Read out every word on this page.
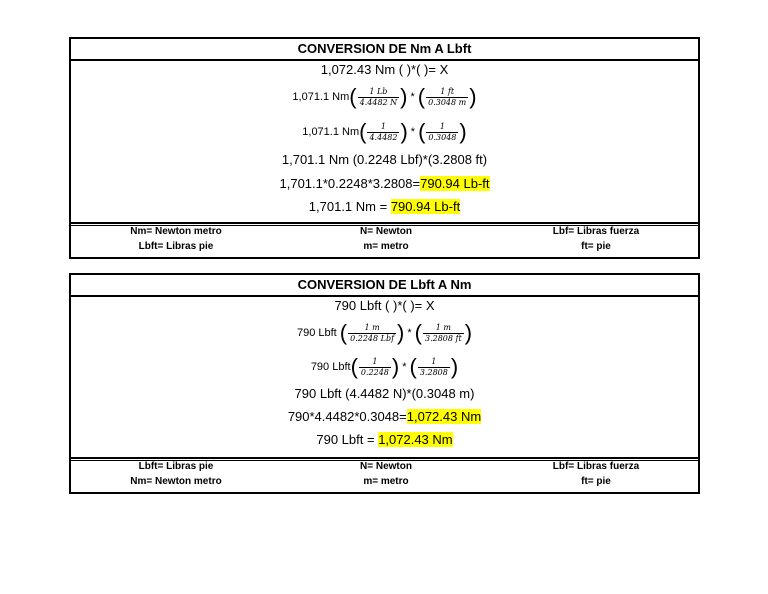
CONVERSION DE Nm A Lbft
1,072.43 Nm ( )*( )= X
1,071.1 $Nm( \frac{1 Lb}{4.4482 N}$ ) * ( $\frac{1 ft}{0.3048 m}$ )
1,071.1 $Nm( \frac{1}{4.4482}$ ) * ( $\frac{1}{0.3048}$ )
1,701.1 Nm (0.2248 Lbf)*(3.2808 ft)
1,701.1*0.2248*3.2808=790.94 Lb-ft
1,701.1 Nm = 790.94 Lb-ft
Nm= Newton metro
Lbft= Libras pie
N= Newton
m= metro
Lbf= Libras fuerza
ft= pie
CONVERSION DE Lbft A Nm
790 Lbft ( )*( )= X
790 Lbft ( $\frac{1 m}{\text{0.2248 Lbf}}$ ) * ( $\frac{1 m}{3.2808 ft}$ )
790 Lbft( $\frac{1}{0.2248}$ ) * ( $\frac{1}{3.2808}$ )
790 Lbft (4.4482 N)*(0.3048 m)
790*4.4482*0.3048=1,072.43 Nm
790 Lbft = 1,072.43 Nm
Lbft= Libras pie
Nm= Newton metro
N= Newton
m= metro
Lbf= Libras fuerza
ft= pie
